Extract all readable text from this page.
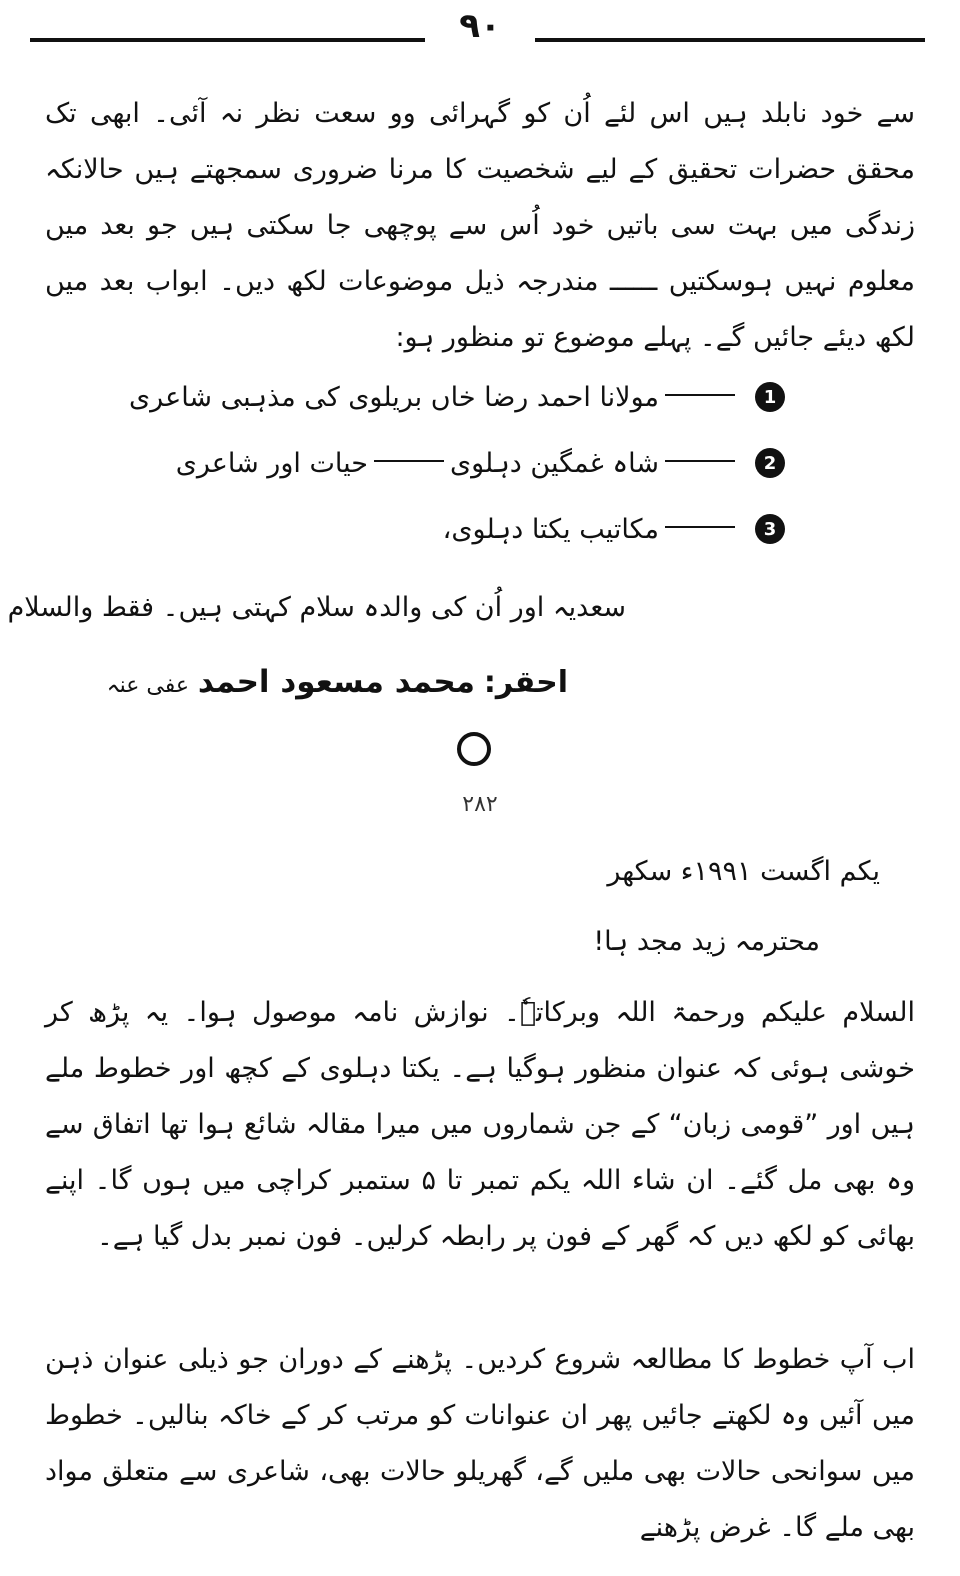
۹۰
سے خود نابلد ہیں اس لئے اُن کو گہرائی وو سعت نظر نہ آئی۔ ابھی تک محقق حضرات تحقیق کے لیے شخصیت کا مرنا ضروری سمجھتے ہیں حالانکہ زندگی میں بہت سی باتیں خود اُس سے پوچھی جا سکتی ہیں جو بعد میں معلوم نہیں ہوسکتیں ــــــ مندرجہ ذیل موضوعات لکھ دیں۔ ابواب بعد میں لکھ دیئے جائیں گے۔ پہلے موضوع تو منظور ہو:
1
مولانا احمد رضا خاں بریلوی کی مذہبی شاعری
2
شاہ غمگین دہلوی
حیات اور شاعری
3
مکاتیب یکتا دہلوی،
سعدیہ اور اُن کی والدہ سلام کہتی ہیں۔ فقط والسلام
احقر: محمد مسعود احمد عفی عنہ
۲۸۲
یکم اگست ۱۹۹۱ء سکھر
محترمہ زید مجد ہا!
السلام علیکم ورحمۃ اللہ وبرکاتہٗ۔ نوازش نامہ موصول ہوا۔ یہ پڑھ کر خوشی ہوئی کہ عنوان منظور ہوگیا ہے۔ یکتا دہلوی کے کچھ اور خطوط ملے ہیں اور ”قومی زبان“ کے جن شماروں میں میرا مقالہ شائع ہوا تھا اتفاق سے وہ بھی مل گئے۔ ان شاء اللہ یکم تمبر تا ۵ ستمبر کراچی میں ہوں گا۔ اپنے بھائی کو لکھ دیں کہ گھر کے فون پر رابطہ کرلیں۔ فون نمبر بدل گیا ہے۔
اب آپ خطوط کا مطالعہ شروع کردیں۔ پڑھنے کے دوران جو ذیلی عنوان ذہن میں آئیں وہ لکھتے جائیں پھر ان عنوانات کو مرتب کر کے خاکہ بنالیں۔ خطوط میں سوانحی حالات بھی ملیں گے، گھریلو حالات بھی، شاعری سے متعلق مواد بھی ملے گا۔ غرض پڑھنے
